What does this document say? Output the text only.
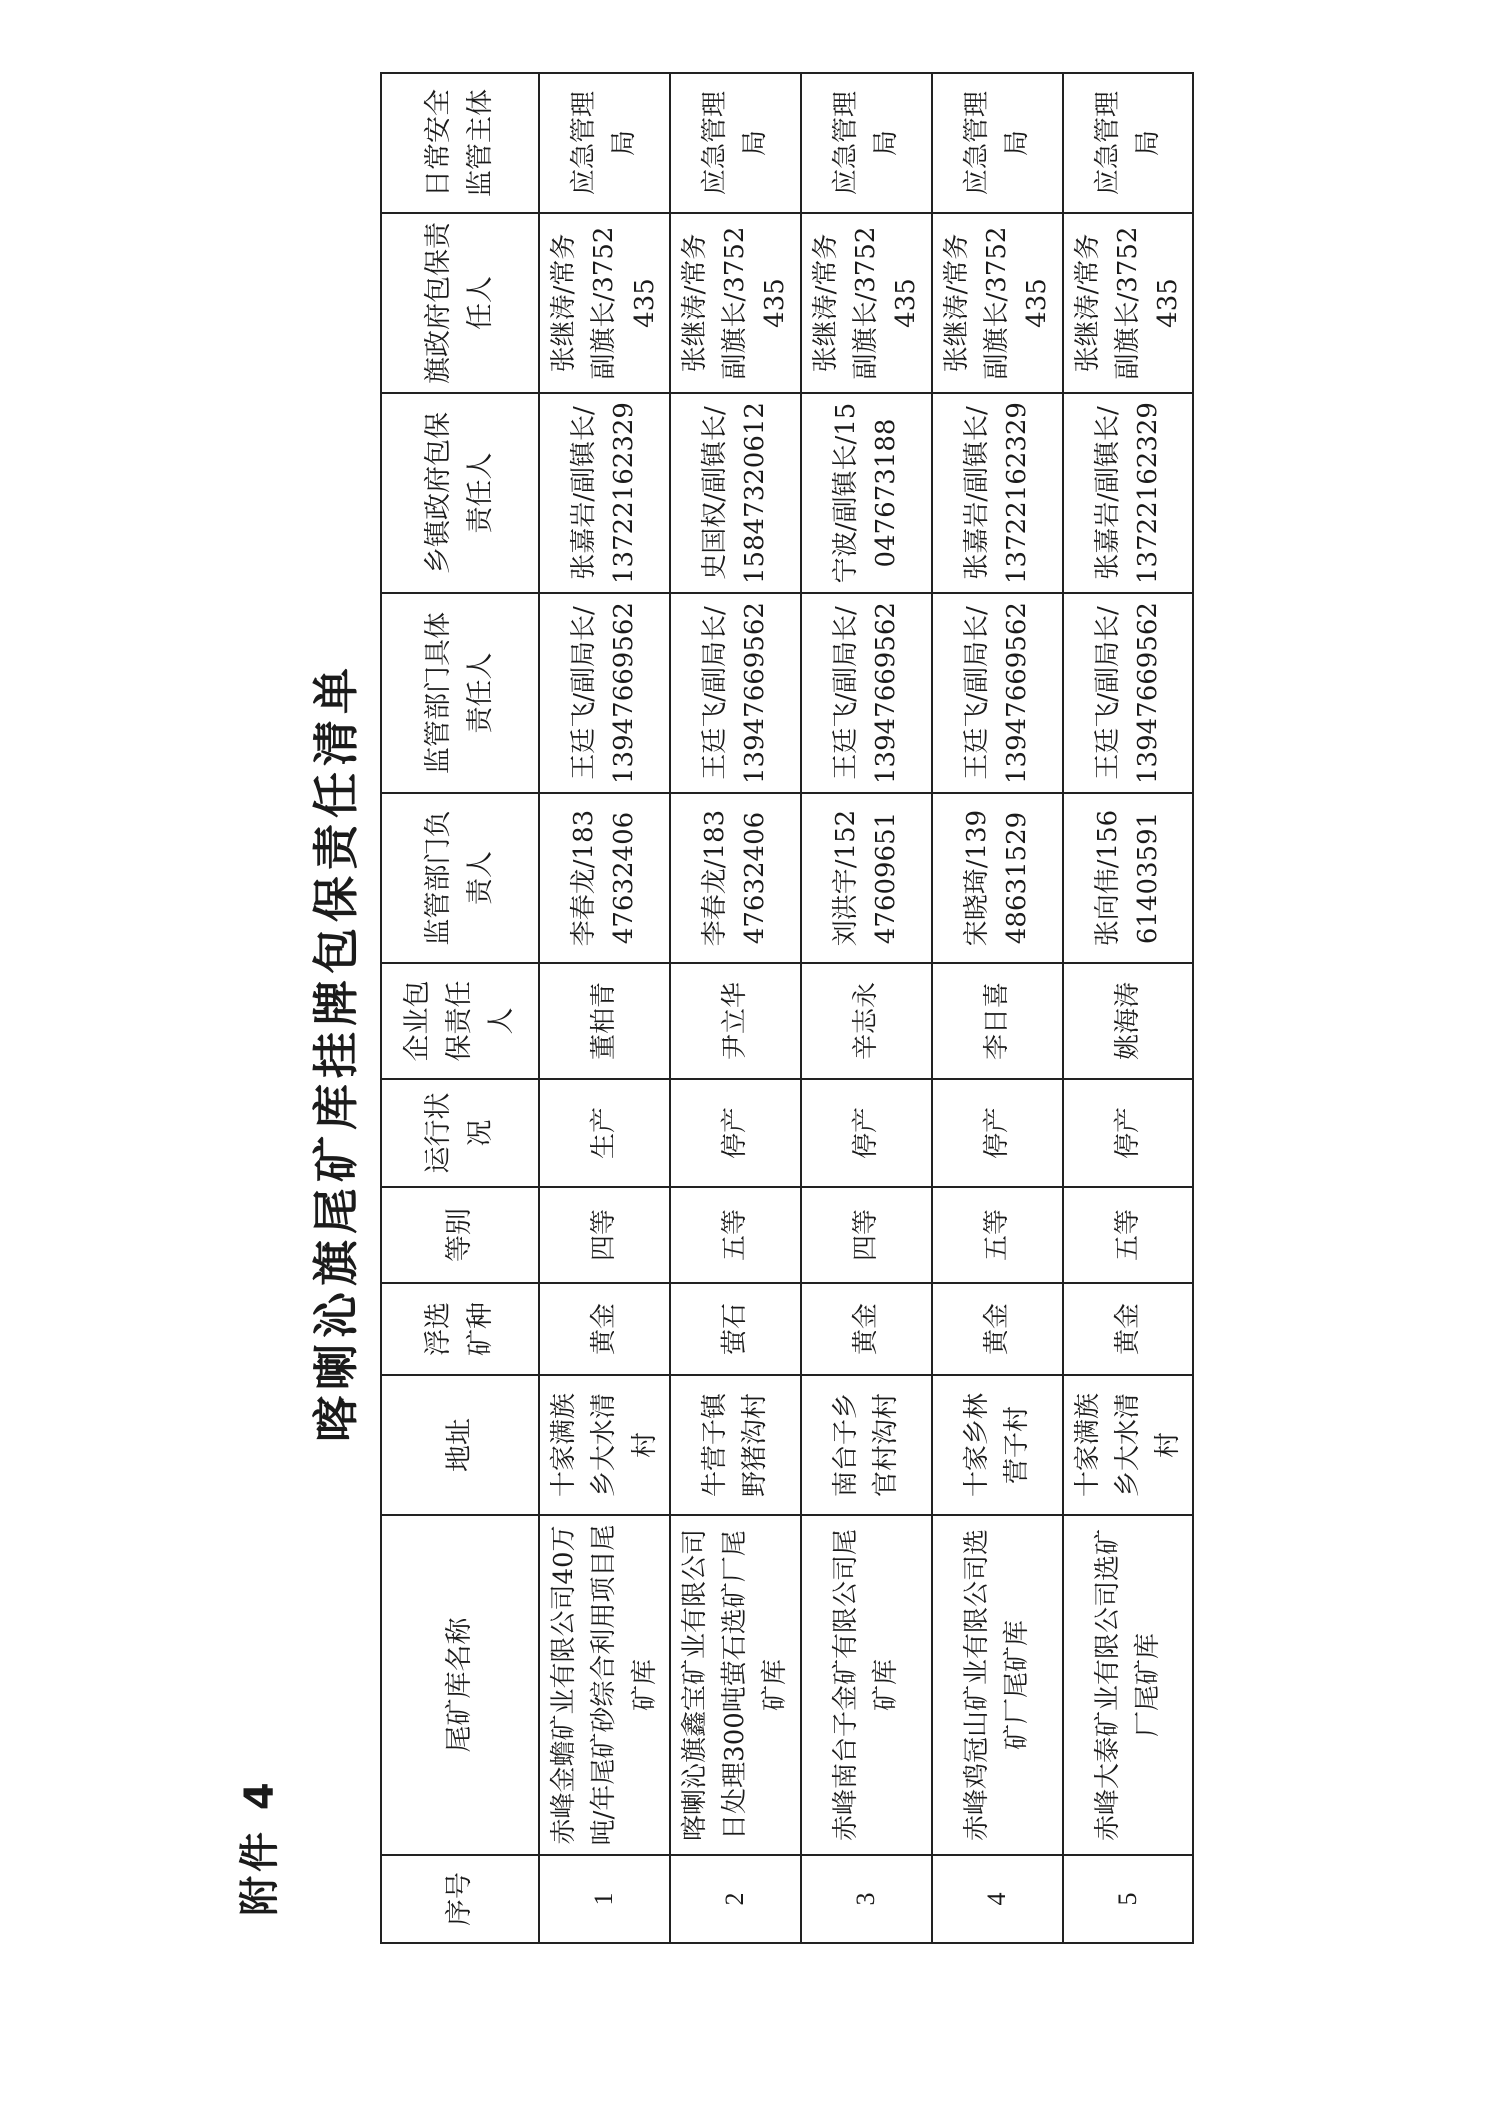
附件 4
喀喇沁旗尾矿库挂牌包保责任清单
序号	尾矿库名称	地址	浮选矿种	等别	运行状况	企业包保责任人	监管部门负责人	监管部门具体责任人	乡镇政府包保责任人	旗政府包保责任人	日常安全监管主体
1	赤峰金蟾矿业有限公司40万吨/年尾矿砂综合利用项目尾矿库	十家满族乡大水清村	黄金	四等	生产	董柏青	李春龙/18347632406	王廷飞/副局长/13947669562	张嘉岩/副镇长/13722162329	张继涛/常务副旗长/3752435	应急管理局
2	喀喇沁旗鑫宝矿业有限公司日处理300吨萤石选矿厂尾矿库	牛营子镇野猪沟村	萤石	五等	停产	尹立华	李春龙/18347632406	王廷飞/副局长/13947669562	史国权/副镇长/15847320612	张继涛/常务副旗长/3752435	应急管理局
3	赤峰南台子金矿有限公司尾矿库	南台子乡官村沟村	黄金	四等	停产	辛志永	刘洪宇/15247609651	王廷飞/副局长/13947669562	宁波/副镇长/15047673188	张继涛/常务副旗长/3752435	应急管理局
4	赤峰鸡冠山矿业有限公司选矿厂尾矿库	十家乡林营子村	黄金	五等	停产	李日喜	宋晓琦/13948631529	王廷飞/副局长/13947669562	张嘉岩/副镇长/13722162329	张继涛/常务副旗长/3752435	应急管理局
5	赤峰大泰矿业有限公司选矿厂尾矿库	十家满族乡大水清村	黄金	五等	停产	姚海涛	张向伟/15661403591	王廷飞/副局长/13947669562	张嘉岩/副镇长/13722162329	张继涛/常务副旗长/3752435	应急管理局
